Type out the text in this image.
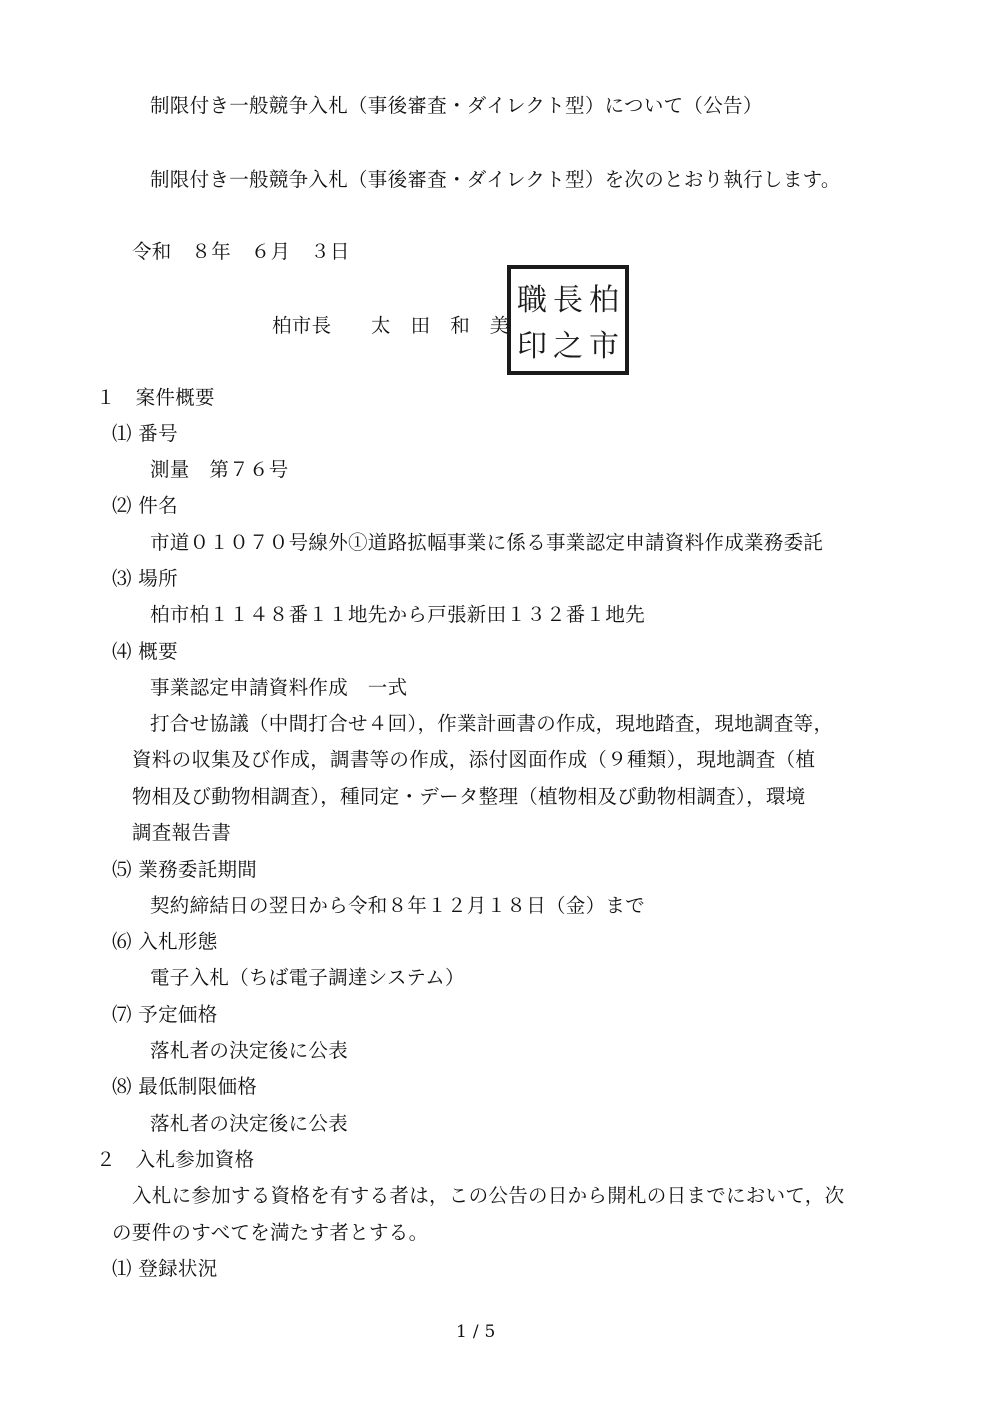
制限付き一般競争入札（事後審査・ダイレクト型）について（公告）

制限付き一般競争入札（事後審査・ダイレクト型）を次のとおり執行します。

令和　８年　６月　３日

柏市長　　太　田　和　美

柏
市
長
之
職
印

１　案件概要

⑴ 番号

測量　第７６号

⑵ 件名

市道０１０７０号線外①道路拡幅事業に係る事業認定申請資料作成業務委託

⑶ 場所

柏市柏１１４８番１１地先から戸張新田１３２番１地先

⑷ 概要

事業認定申請資料作成　一式

打合せ協議（中間打合せ４回），作業計画書の作成，現地踏査，現地調査等，

資料の収集及び作成，調書等の作成，添付図面作成（９種類），現地調査（植

物相及び動物相調査），種同定・データ整理（植物相及び動物相調査），環境

調査報告書

⑸ 業務委託期間

契約締結日の翌日から令和８年１２月１８日（金）まで

⑹ 入札形態

電子入札（ちば電子調達システム）

⑺ 予定価格

落札者の決定後に公表

⑻ 最低制限価格

落札者の決定後に公表

２　入札参加資格

入札に参加する資格を有する者は，この公告の日から開札の日までにおいて，次

の要件のすべてを満たす者とする。

⑴ 登録状況

1 / 5
